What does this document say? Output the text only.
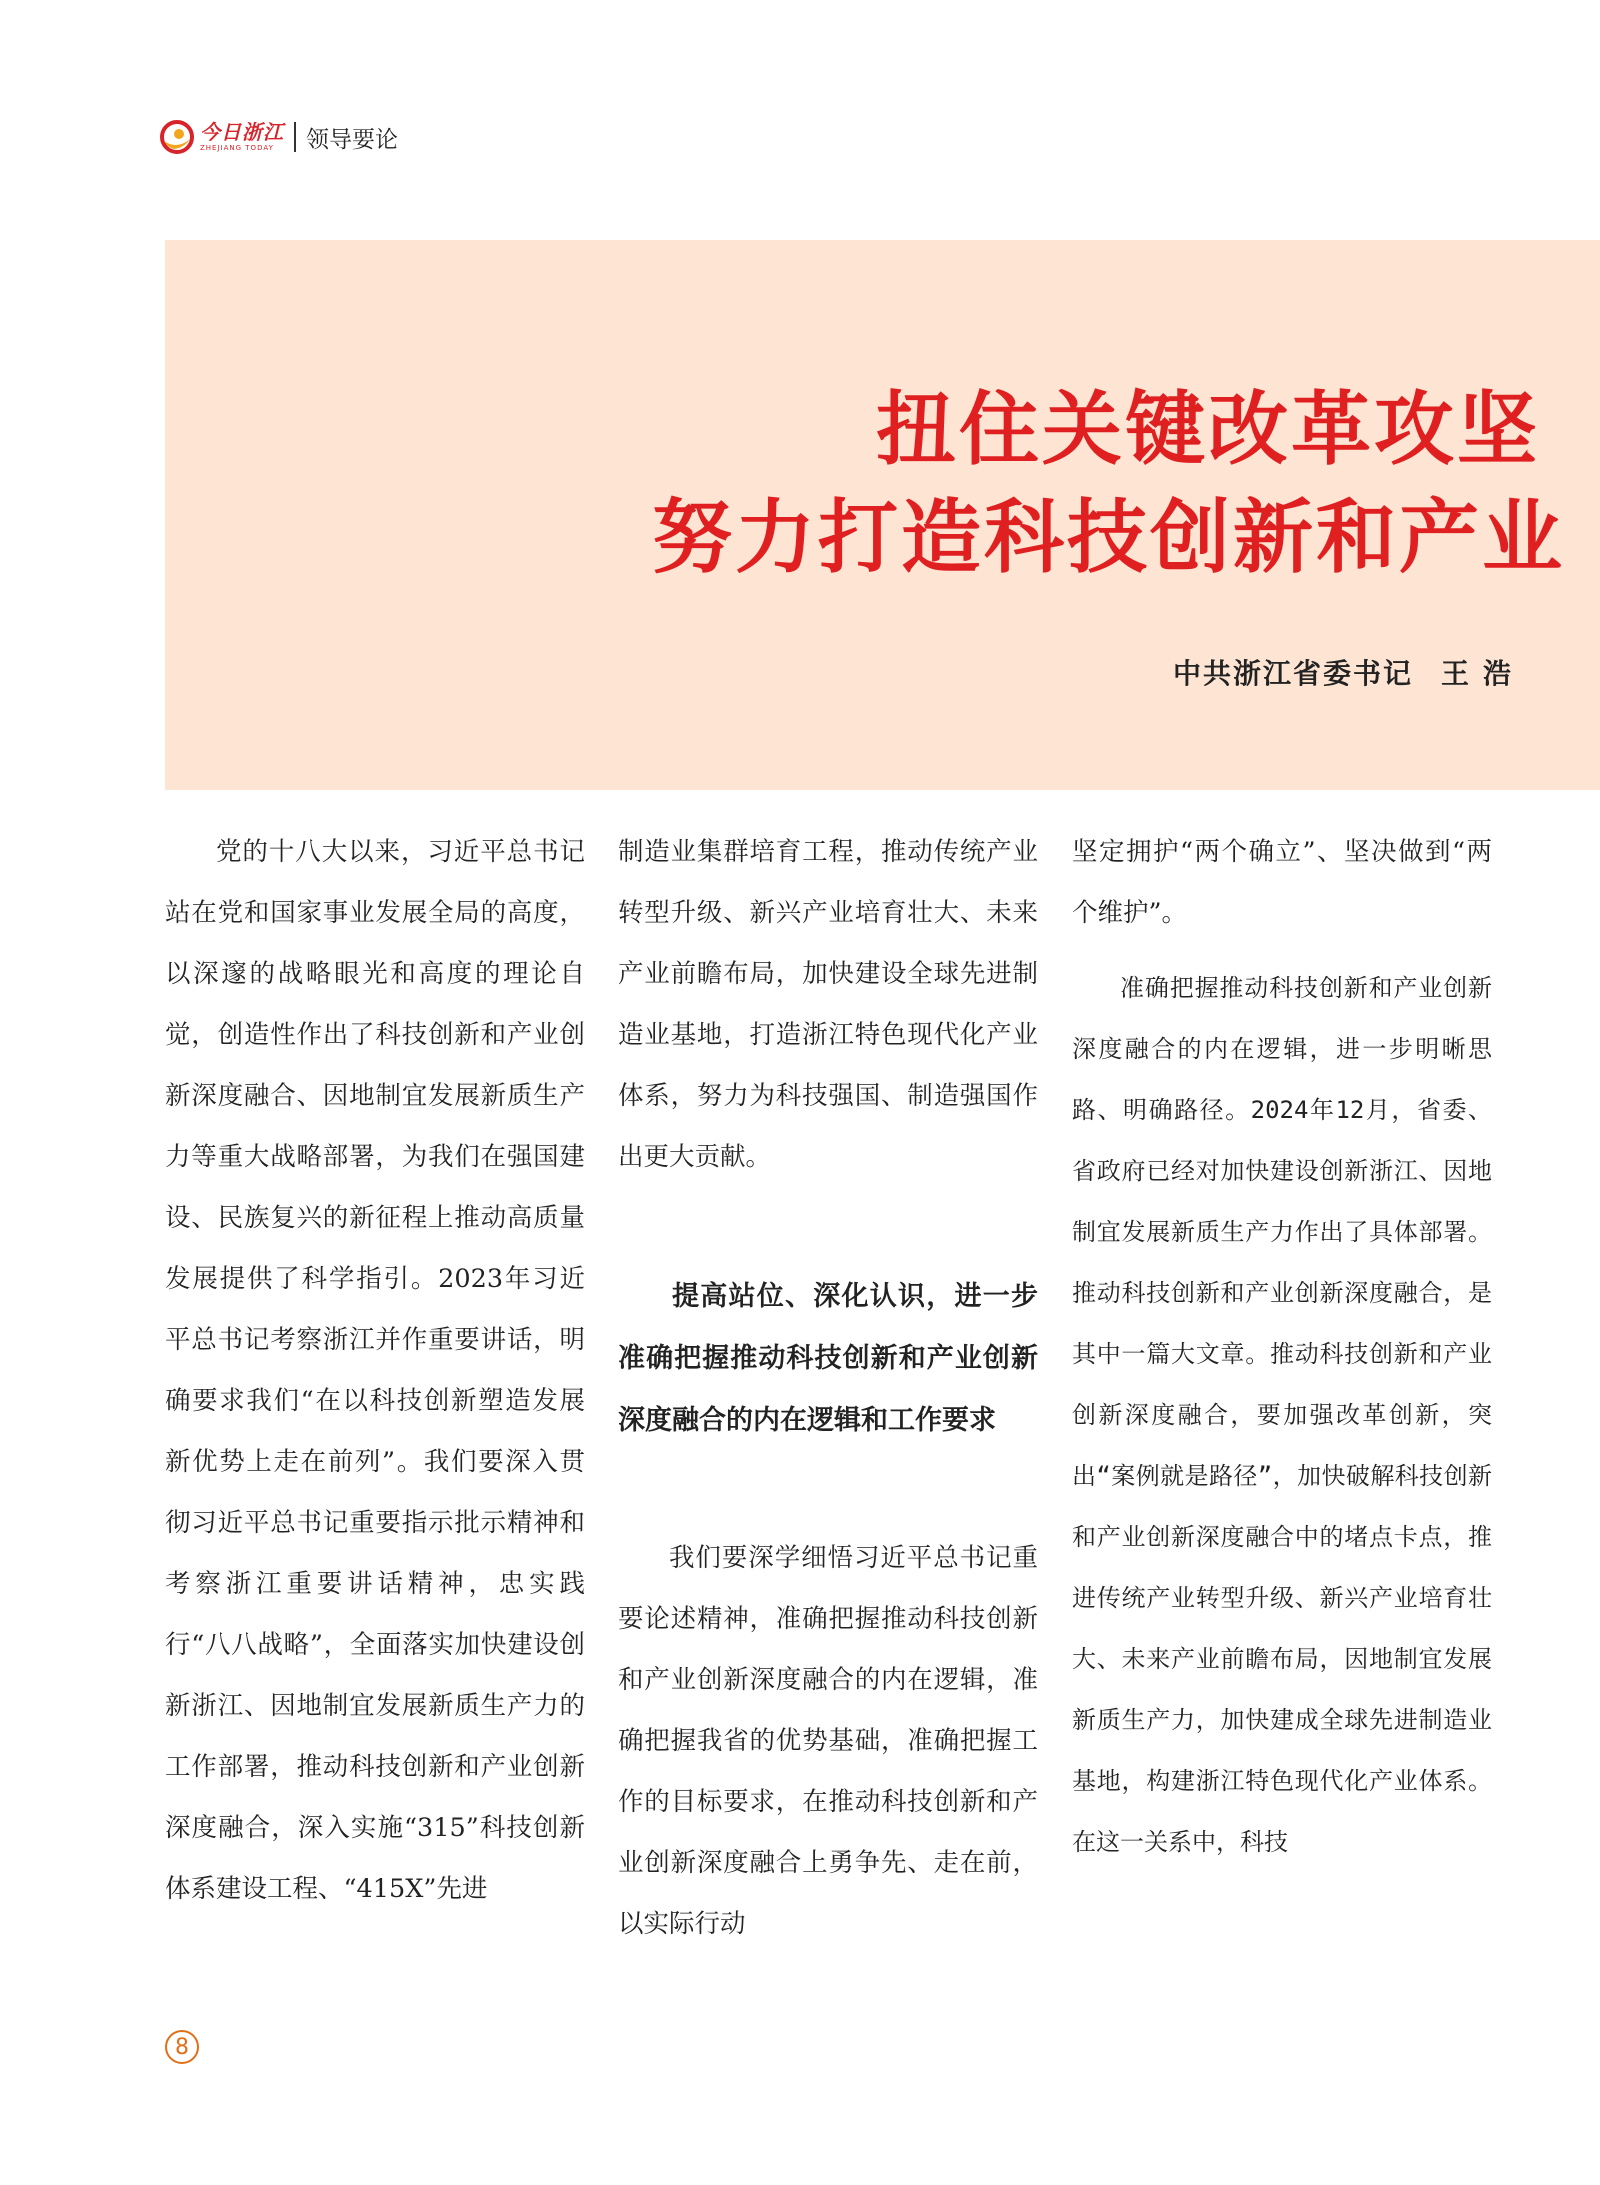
今日浙江
ZHEJIANG TODAY	领导要论
扭住关键改革攻坚
努力打造科技创新和产业
中共浙江省委书记 王浩

党的十八大以来，习近平总书记站在党和国家事业发展全局的高度，以深邃的战略眼光和高度的理论自觉，创造性作出了科技创新和产业创新深度融合、因地制宜发展新质生产力等重大战略部署，为我们在强国建设、民族复兴的新征程上推动高质量发展提供了科学指引。2023年习近平总书记考察浙江并作重要讲话，明确要求我们“在以科技创新塑造发展新优势上走在前列”。我们要深入贯彻习近平总书记重要指示批示精神和考察浙江重要讲话精神，忠实践行“八八战略”，全面落实加快建设创新浙江、因地制宜发展新质生产力的工作部署，推动科技创新和产业创新深度融合，深入实施“315”科技创新体系建设工程、“415X”先进

制造业集群培育工程，推动传统产业转型升级、新兴产业培育壮大、未来产业前瞻布局，加快建设全球先进制造业基地，打造浙江特色现代化产业体系，努力为科技强国、制造强国作出更大贡献。

提高站位、深化认识，进一步准确把握推动科技创新和产业创新深度融合的内在逻辑和工作要求

我们要深学细悟习近平总书记重要论述精神，准确把握推动科技创新和产业创新深度融合的内在逻辑，准确把握我省的优势基础，准确把握工作的目标要求，在推动科技创新和产业创新深度融合上勇争先、走在前，以实际行动

坚定拥护“两个确立”、坚决做到“两个维护”。

准确把握推动科技创新和产业创新深度融合的内在逻辑，进一步明晰思路、明确路径。2024年12月，省委、省政府已经对加快建设创新浙江、因地制宜发展新质生产力作出了具体部署。推动科技创新和产业创新深度融合，是其中一篇大文章。推动科技创新和产业创新深度融合，要加强改革创新，突出“案例就是路径”，加快破解科技创新和产业创新深度融合中的堵点卡点，推进传统产业转型升级、新兴产业培育壮大、未来产业前瞻布局，因地制宜发展新质生产力，加快建成全球先进制造业基地，构建浙江特色现代化产业体系。在这一关系中，科技

8
